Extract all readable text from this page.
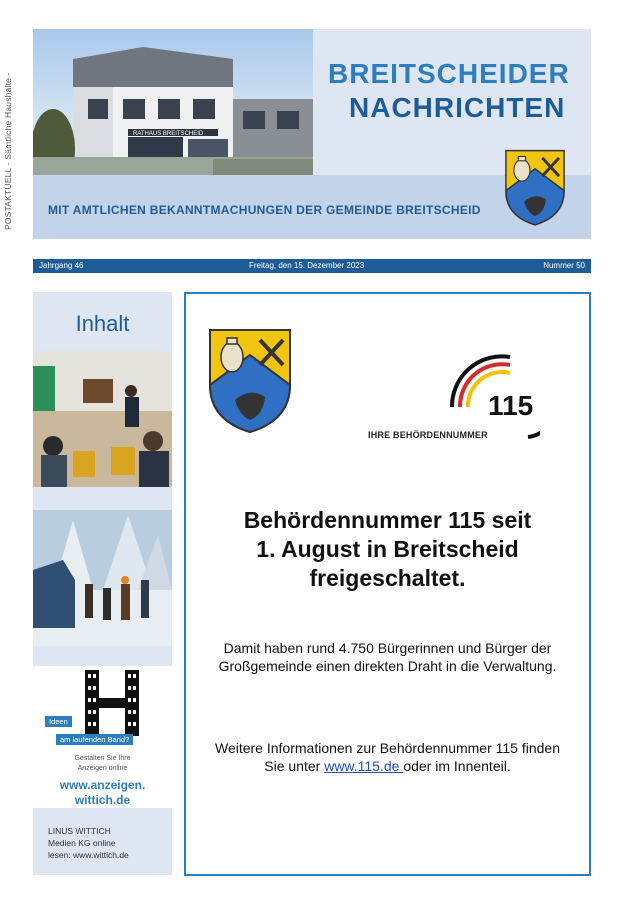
POSTAKTUELL - Sämtliche Haushalte -	RATHAUS BREITSCHEID
BREITSCHEIDER
NACHRICHTEN
MIT AMTLICHEN BEKANNTMACHUNGEN DER GEMEINDE BREITSCHEID
Jahrgang 46	Freitag, den 15. Dezember 2023	Nummer 50
Inhalt
Ideen
am laufenden Band?
Gestalten Sie Ihre
Anzeigen online
www.anzeigen.
wittich.de
LINUS WITTICH
Medien KG online
lesen: www.wittich.de
115
IHRE BEHÖRDENNUMMER
Behördennummer 115 seit
1. August in Breitscheid
freigeschaltet.
Damit haben rund 4.750 Bürgerinnen und Bürger der
Großgemeinde einen direkten Draht in die Verwaltung.
Weitere Informationen zur Behördennummer 115 finden
Sie unter www.115.de oder im Innenteil.
